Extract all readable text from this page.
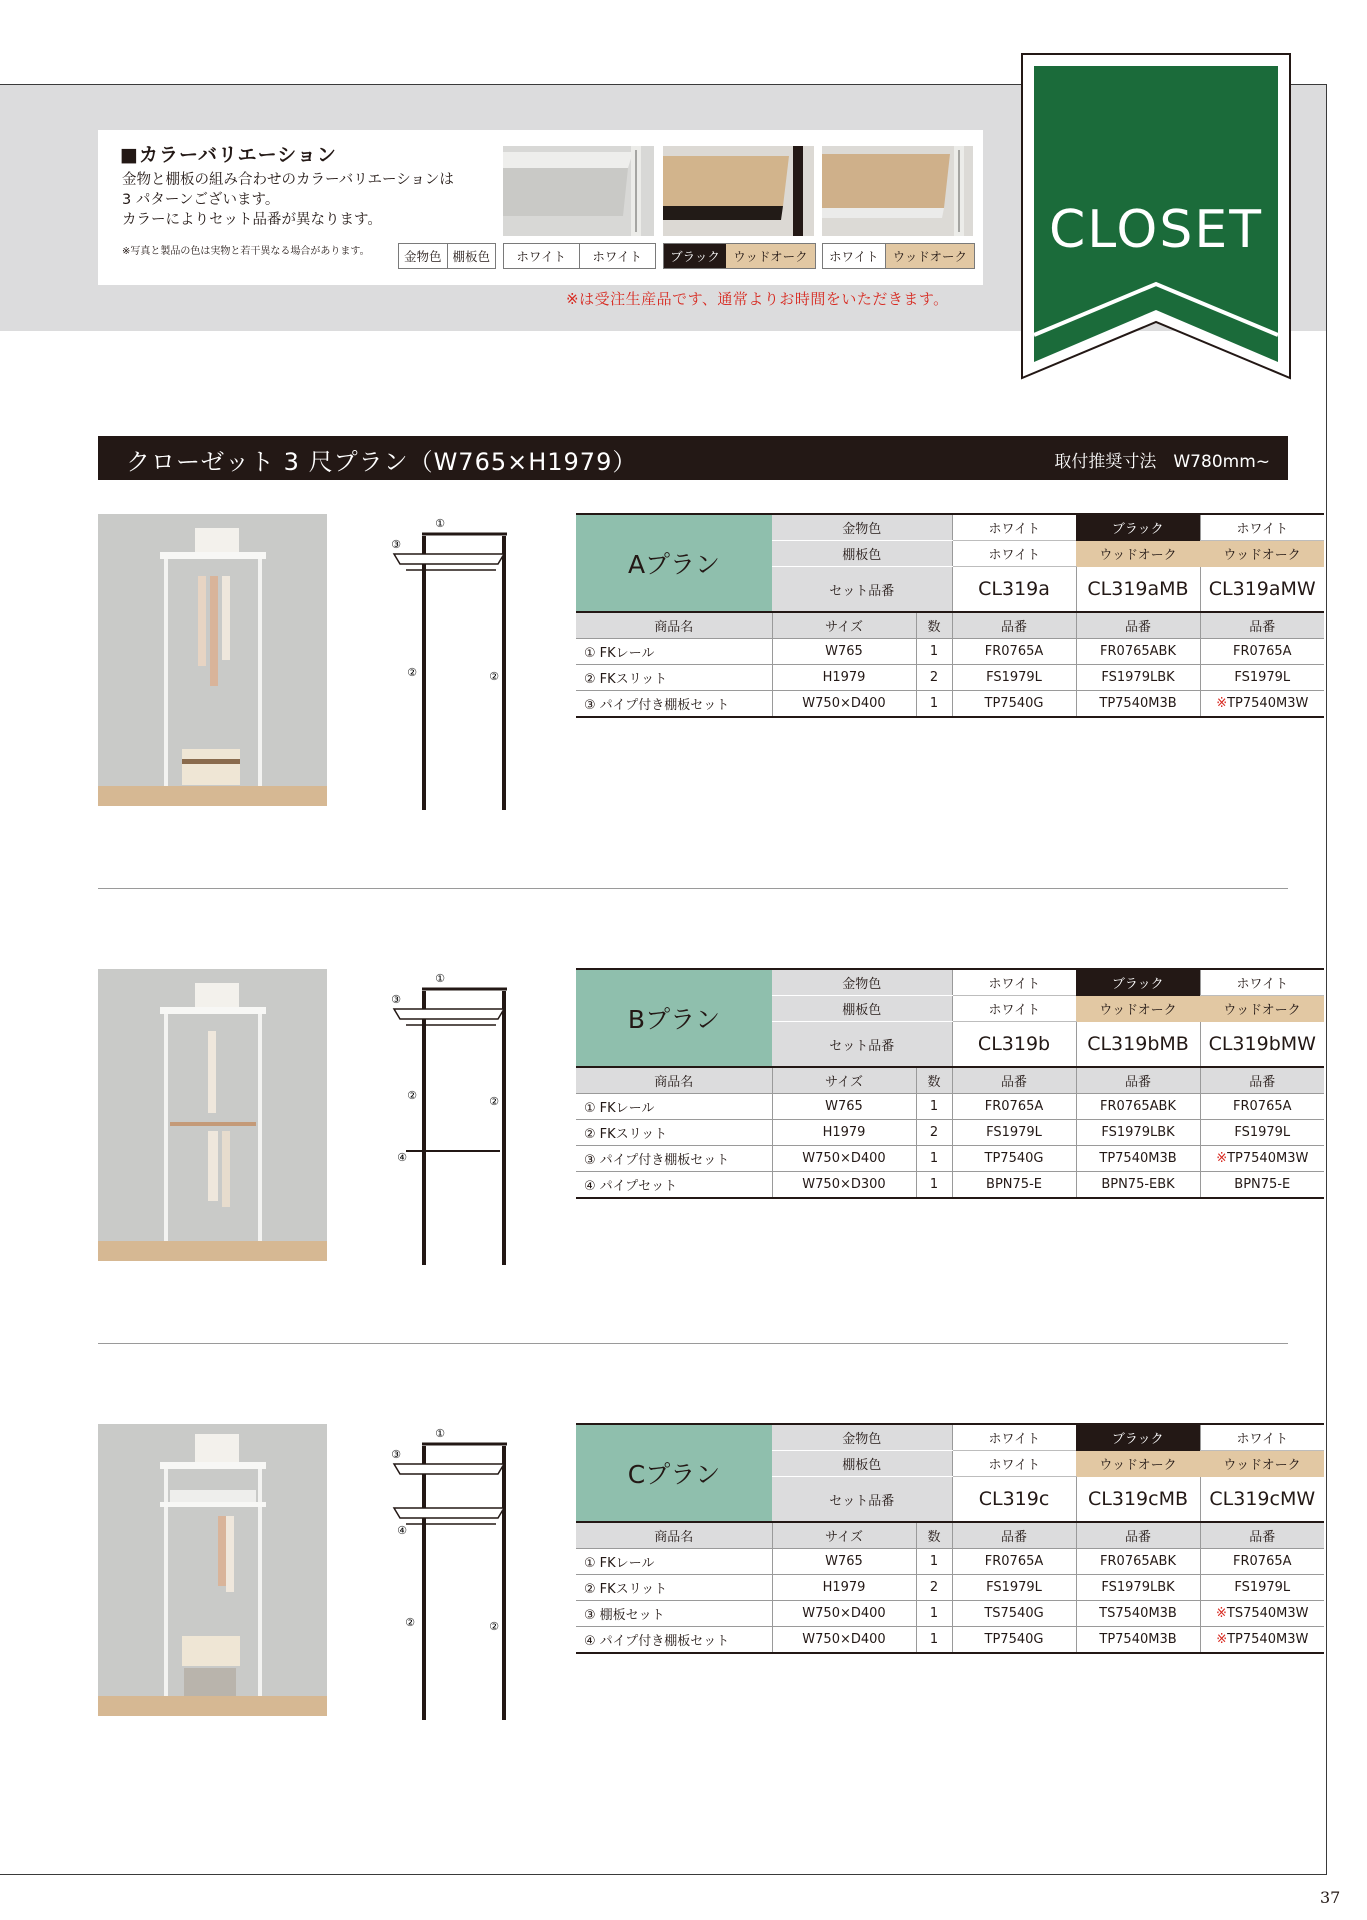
■カラーバリエーション
金物と棚板の組み合わせのカラーバリエーションは
3 パターンございます。
カラーによりセット品番が異なります。
※写真と製品の色は実物と若干異なる場合があります。	金物色 棚板色	ホワイト	ホワイト	ブラック	ウッドオーク	ホワイト	ウッドオーク
※は受注生産品です、通常よりお時間をいただきます。
CLOSET
クローゼット 3 尺プラン（W765×H1979）	取付推奨寸法　W780mm~
①
③
②	②
①
③
②	②
④
①
③
④
②	②
Aプラン	金物色		ホワイト	ブラック	ホワイト
	棚板色		ホワイト	ウッドオーク	ウッドオーク
	セット品番		CL319a	CL319aMB	CL319aMW
商品名	サイズ	数	品番	品番	品番
① FKレール	W765	1	FR0765A	FR0765ABK	FR0765A
② FKスリット	H1979	2	FS1979L	FS1979LBK	FS1979L
③ パイプ付き棚板セット	W750×D400	1	TP7540G	TP7540M3B	※TP7540M3W
Bプラン	金物色		ホワイト	ブラック	ホワイト
	棚板色		ホワイト	ウッドオーク	ウッドオーク
	セット品番		CL319b	CL319bMB	CL319bMW
商品名	サイズ	数	品番	品番	品番
① FKレール	W765	1	FR0765A	FR0765ABK	FR0765A
② FKスリット	H1979	2	FS1979L	FS1979LBK	FS1979L
③ パイプ付き棚板セット	W750×D400	1	TP7540G	TP7540M3B	※TP7540M3W
④ パイプセット	W750×D300	1	BPN75-E	BPN75-EBK	BPN75-E
Cプラン	金物色		ホワイト	ブラック	ホワイト
	棚板色		ホワイト	ウッドオーク	ウッドオーク
	セット品番		CL319c	CL319cMB	CL319cMW
商品名	サイズ	数	品番	品番	品番
① FKレール	W765	1	FR0765A	FR0765ABK	FR0765A
② FKスリット	H1979	2	FS1979L	FS1979LBK	FS1979L
③ 棚板セット	W750×D400	1	TS7540G	TS7540M3B	※TS7540M3W
④ パイプ付き棚板セット	W750×D400	1	TP7540G	TP7540M3B	※TP7540M3W
37
